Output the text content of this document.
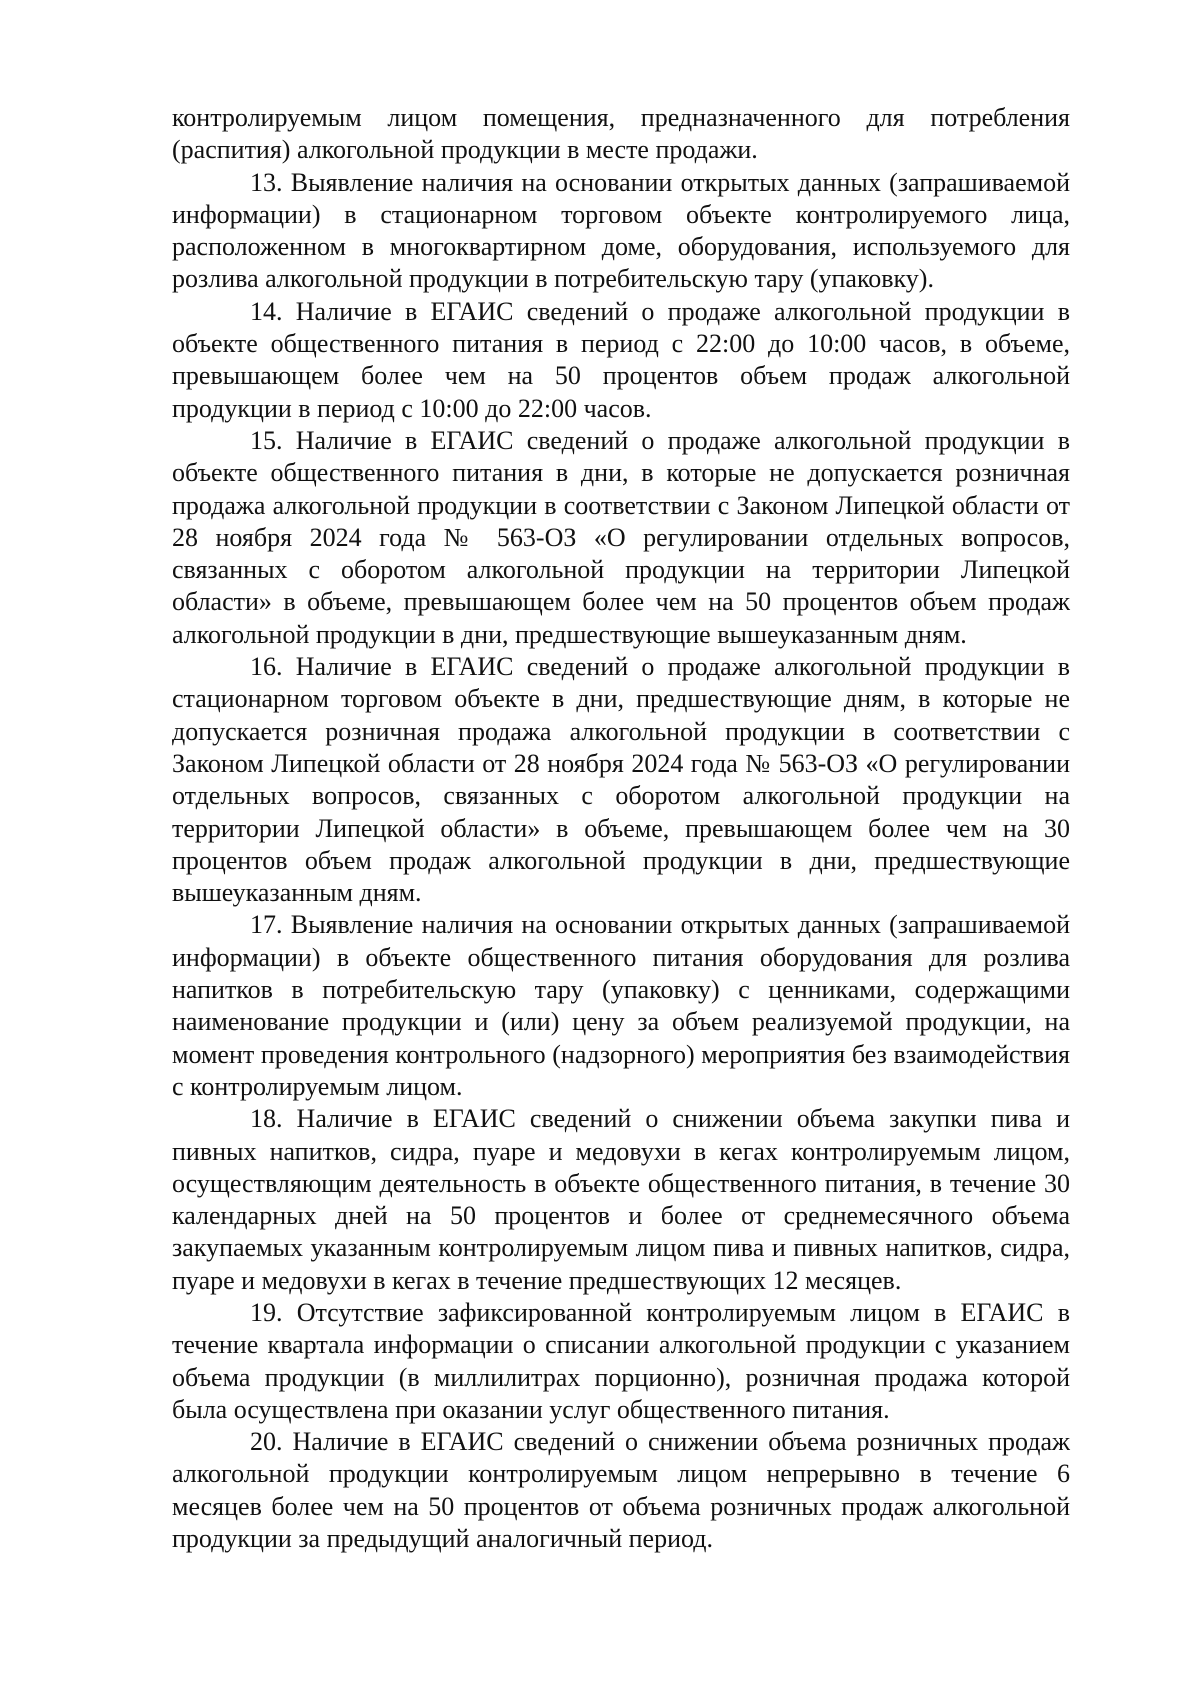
контролируемым лицом помещения, предназначенного для потребления (распития) алкогольной продукции в месте продажи.

13. Выявление наличия на основании открытых данных (запрашиваемой информации) в стационарном торговом объекте контролируемого лица, расположенном в многоквартирном доме, оборудования, используемого для розлива алкогольной продукции в потребительскую тару (упаковку).

14. Наличие в ЕГАИС сведений о продаже алкогольной продукции в объекте общественного питания в период с 22:00 до 10:00 часов, в объеме, превышающем более чем на 50 процентов объем продаж алкогольной продукции в период с 10:00 до 22:00 часов.

15. Наличие в ЕГАИС сведений о продаже алкогольной продукции в объекте общественного питания в дни, в которые не допускается розничная продажа алкогольной продукции в соответствии с Законом Липецкой области от 28 ноября 2024 года № 563-ОЗ «О регулировании отдельных вопросов, связанных с оборотом алкогольной продукции на территории Липецкой области» в объеме, превышающем более чем на 50 процентов объем продаж алкогольной продукции в дни, предшествующие вышеуказанным дням.

16. Наличие в ЕГАИС сведений о продаже алкогольной продукции в стационарном торговом объекте в дни, предшествующие дням, в которые не допускается розничная продажа алкогольной продукции в соответствии с Законом Липецкой области от 28 ноября 2024 года № 563-ОЗ «О регулировании отдельных вопросов, связанных с оборотом алкогольной продукции на территории Липецкой области» в объеме, превышающем более чем на 30 процентов объем продаж алкогольной продукции в дни, предшествующие вышеуказанным дням.

17. Выявление наличия на основании открытых данных (запрашиваемой информации) в объекте общественного питания оборудования для розлива напитков в потребительскую тару (упаковку) с ценниками, содержащими наименование продукции и (или) цену за объем реализуемой продукции, на момент проведения контрольного (надзорного) мероприятия без взаимодействия с контролируемым лицом.

18. Наличие в ЕГАИС сведений о снижении объема закупки пива и пивных напитков, сидра, пуаре и медовухи в кегах контролируемым лицом, осуществляющим деятельность в объекте общественного питания, в течение 30 календарных дней на 50 процентов и более от среднемесячного объема закупаемых указанным контролируемым лицом пива и пивных напитков, сидра, пуаре и медовухи в кегах в течение предшествующих 12 месяцев.

19. Отсутствие зафиксированной контролируемым лицом в ЕГАИС в течение квартала информации о списании алкогольной продукции с указанием объема продукции (в миллилитрах порционно), розничная продажа которой была осуществлена при оказании услуг общественного питания.

20. Наличие в ЕГАИС сведений о снижении объема розничных продаж алкогольной продукции контролируемым лицом непрерывно в течение 6 месяцев более чем на 50 процентов от объема розничных продаж алкогольной продукции за предыдущий аналогичный период.
